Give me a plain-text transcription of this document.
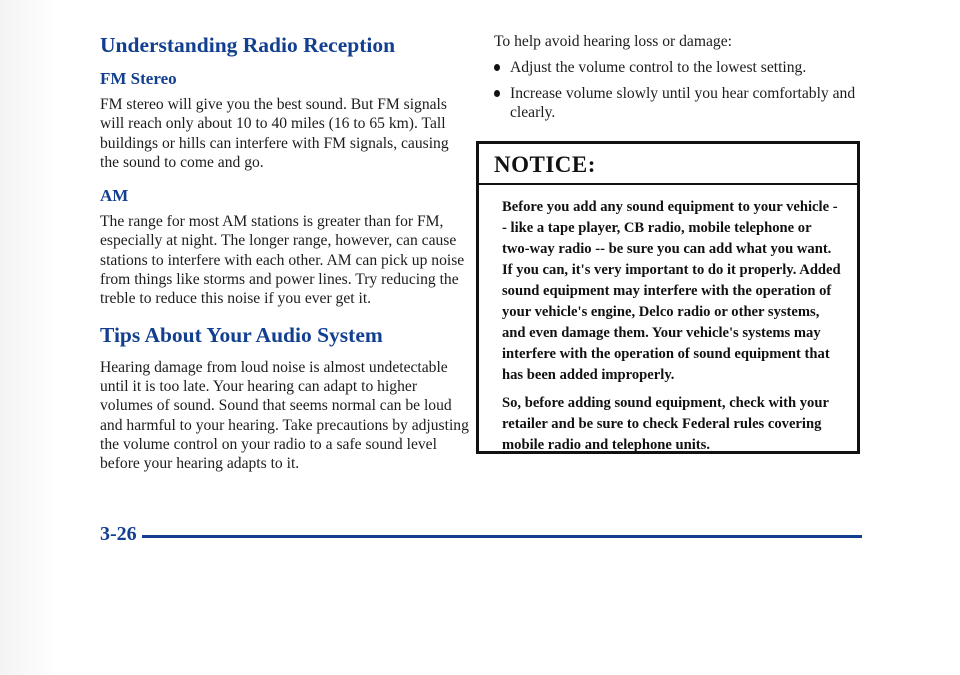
Understanding Radio Reception
FM Stereo

FM stereo will give you the best sound. But FM signals will reach only about 10 to 40 miles (16 to 65 km). Tall buildings or hills can interfere with FM signals, causing the sound to come and go.

AM

The range for most AM stations is greater than for FM, especially at night. The longer range, however, can cause stations to interfere with each other. AM can pick up noise from things like storms and power lines. Try reducing the treble to reduce this noise if you ever get it.

Tips About Your Audio System

Hearing damage from loud noise is almost undetectable until it is too late. Your hearing can adapt to higher volumes of sound. Sound that seems normal can be loud and harmful to your hearing. Take precautions by adjusting the volume control on your radio to a safe sound level before your hearing adapts to it.

To help avoid hearing loss or damage:
Adjust the volume control to the lowest setting.
Increase volume slowly until you hear comfortably and clearly.
NOTICE:

Before you add any sound equipment to your vehicle -- like a tape player, CB radio, mobile telephone or two-way radio -- be sure you can add what you want. If you can, it's very important to do it properly. Added sound equipment may interfere with the operation of your vehicle's engine, Delco radio or other systems, and even damage them. Your vehicle's systems may interfere with the operation of sound equipment that has been added improperly.

So, before adding sound equipment, check with your retailer and be sure to check Federal rules covering mobile radio and telephone units.

3-26
